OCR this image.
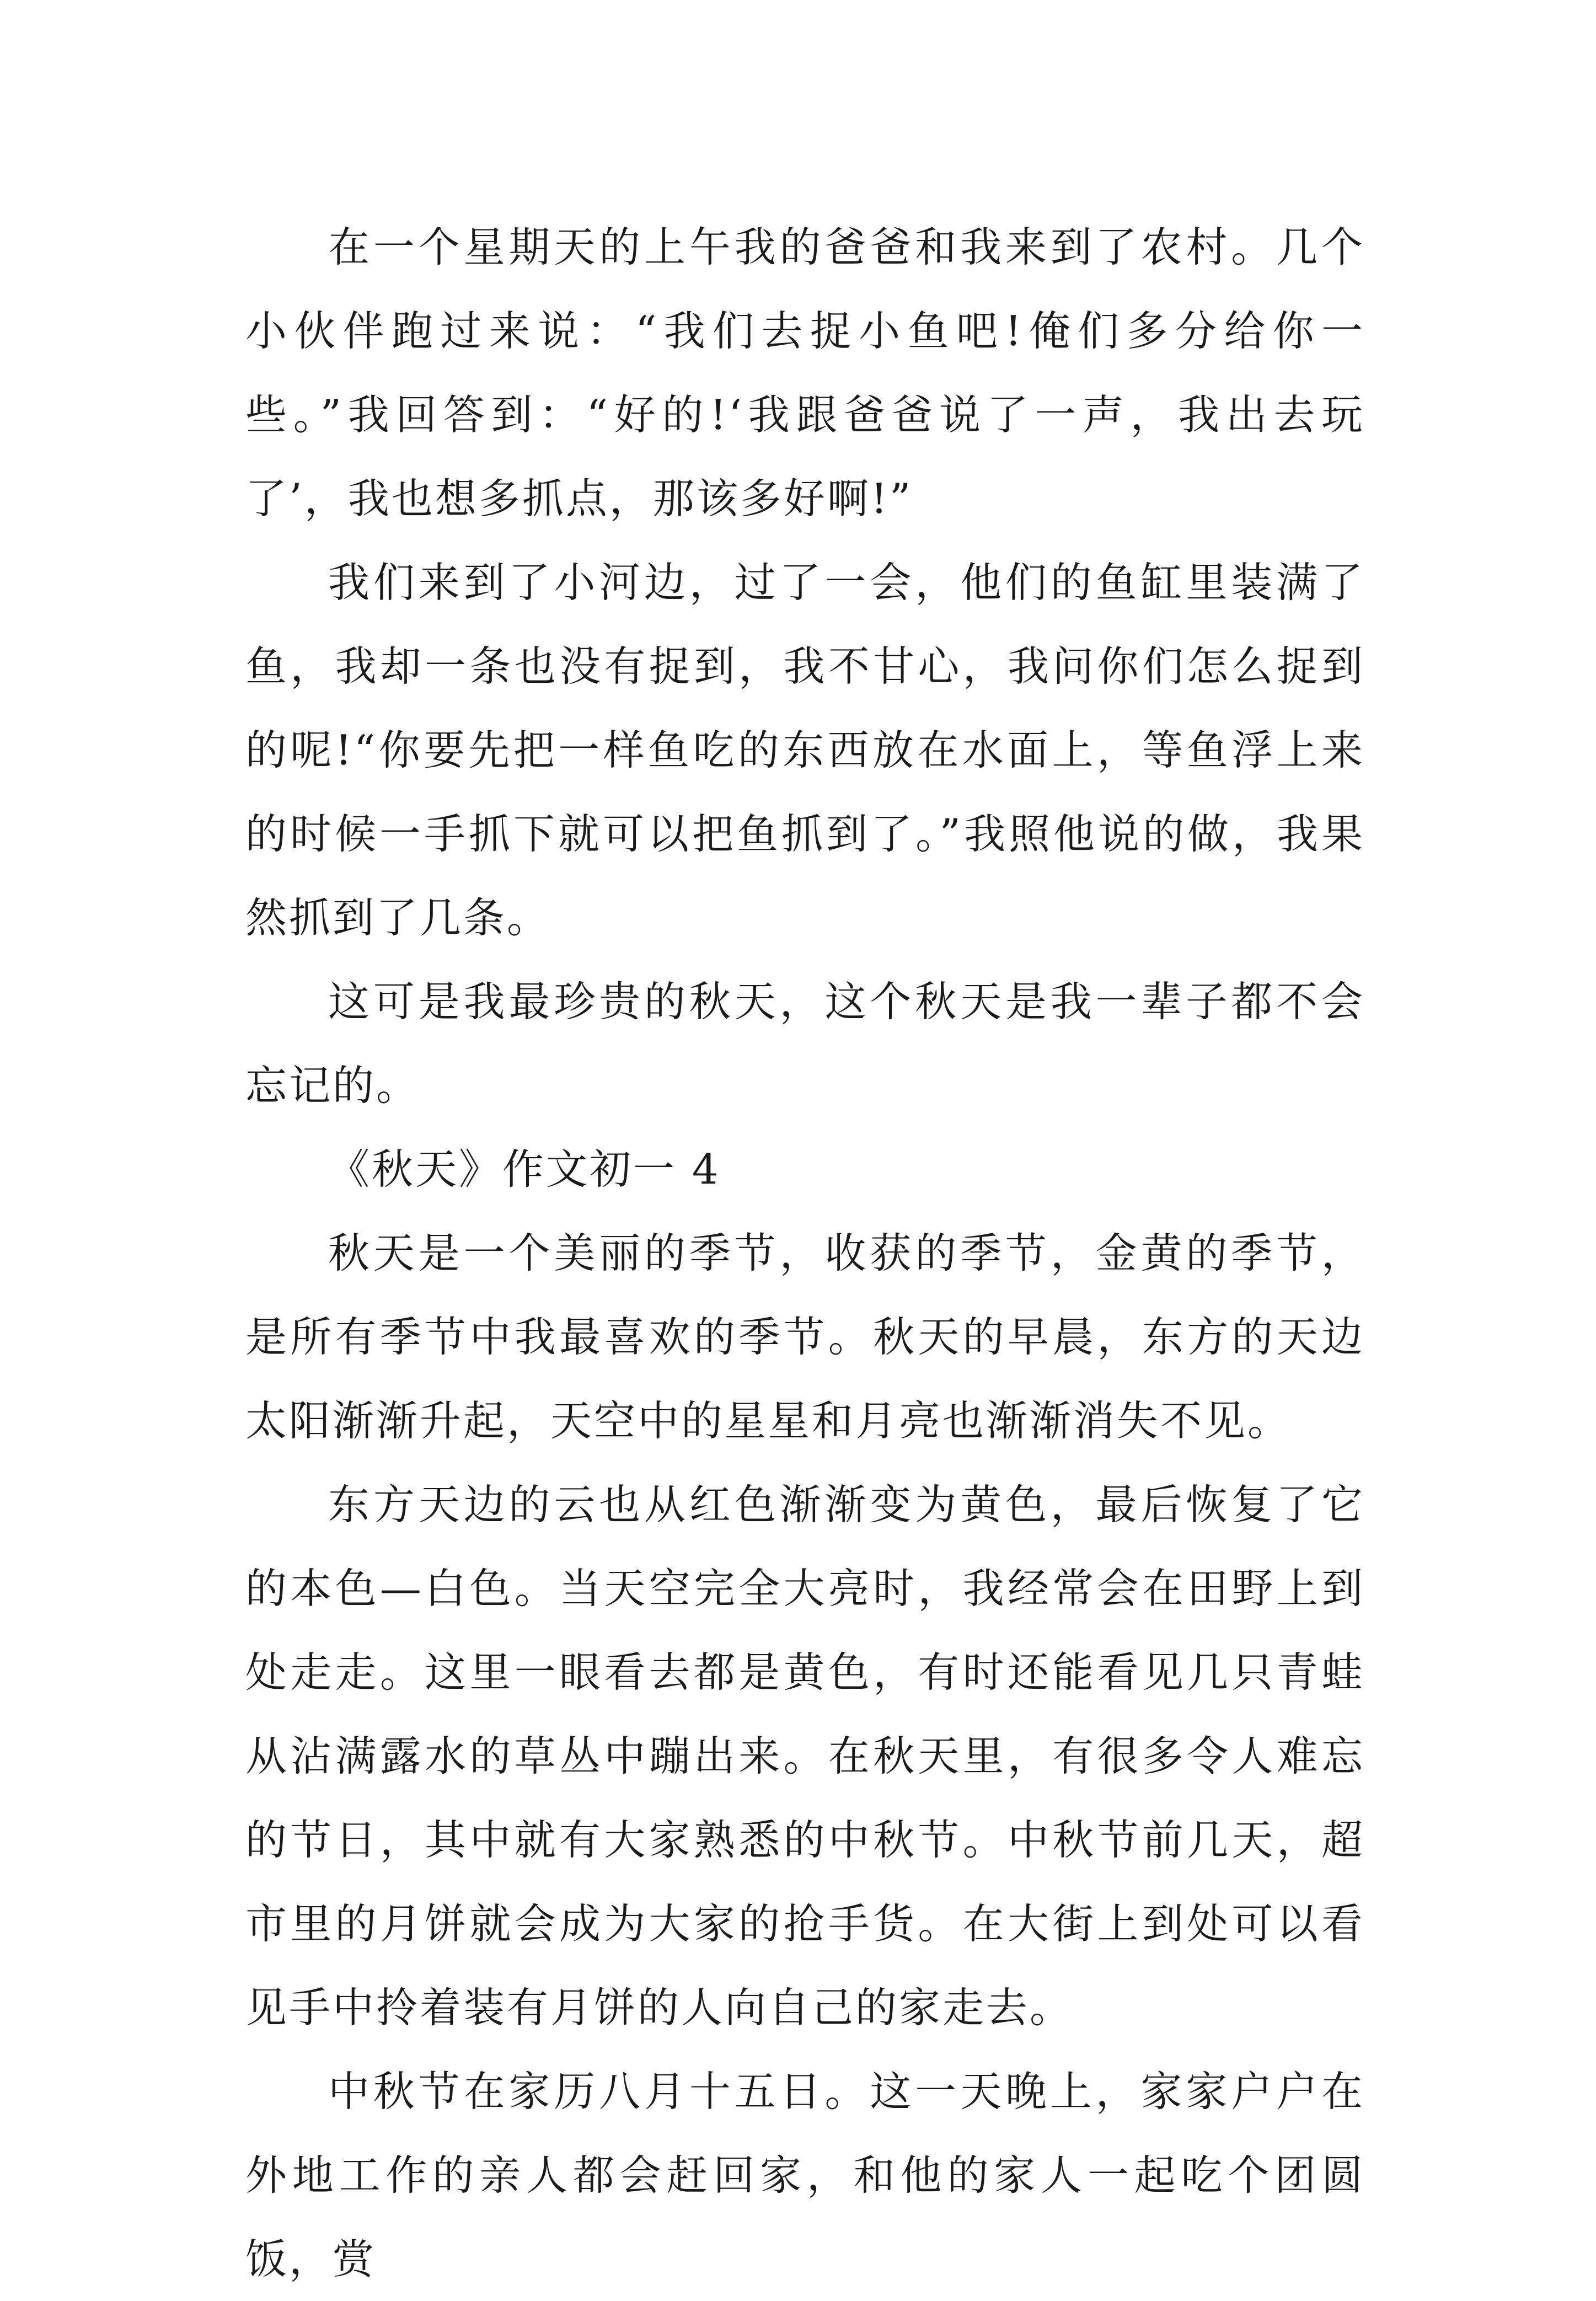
在一个星期天的上午我的爸爸和我来到了农村。几个小伙伴跑过来说：“我们去捉小鱼吧!俺们多分给你一些。”我回答到：“好的!‘我跟爸爸说了一声，我出去玩了’，我也想多抓点，那该多好啊!”

我们来到了小河边，过了一会，他们的鱼缸里装满了鱼，我却一条也没有捉到，我不甘心，我问你们怎么捉到的呢!“你要先把一样鱼吃的东西放在水面上，等鱼浮上来的时候一手抓下就可以把鱼抓到了。”我照他说的做，我果然抓到了几条。

这可是我最珍贵的秋天，这个秋天是我一辈子都不会忘记的。

《秋天》作文初一 4

秋天是一个美丽的季节，收获的季节，金黄的季节，是所有季节中我最喜欢的季节。秋天的早晨，东方的天边太阳渐渐升起，天空中的星星和月亮也渐渐消失不见。

东方天边的云也从红色渐渐变为黄色，最后恢复了它的本色—白色。当天空完全大亮时，我经常会在田野上到处走走。这里一眼看去都是黄色，有时还能看见几只青蛙从沾满露水的草丛中蹦出来。在秋天里，有很多令人难忘的节日，其中就有大家熟悉的中秋节。中秋节前几天，超市里的月饼就会成为大家的抢手货。在大街上到处可以看见手中拎着装有月饼的人向自己的家走去。

中秋节在家历八月十五日。这一天晚上，家家户户在外地工作的亲人都会赶回家，和他的家人一起吃个团圆饭，赏
